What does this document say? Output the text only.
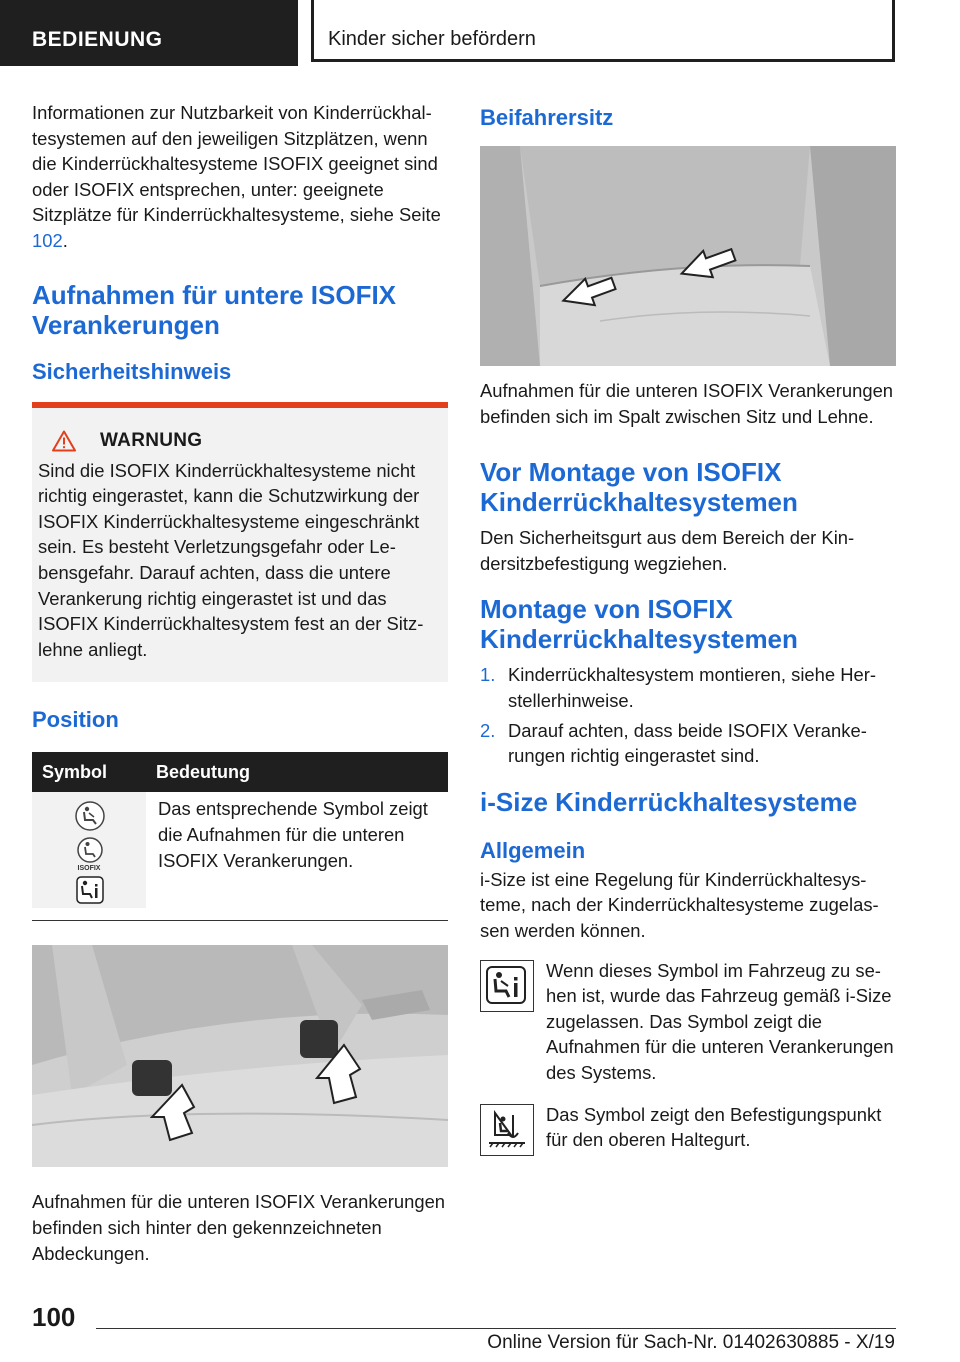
BEDIENUNG	Kinder sicher befördern

Informationen zur Nutzbarkeit von Kinderrückhaltesystemen auf den jeweiligen Sitzplätzen, wenn die Kinderrückhaltesysteme ISOFIX geeignet sind oder ISOFIX entsprechen, unter: geeignete Sitzplätze für Kinderrückhaltesysteme, siehe Seite 102.

Aufnahmen für untere ISOFIX Verankerungen
Sicherheitshinweis
WARNUNG

Sind die ISOFIX Kinderrückhaltesysteme nicht richtig eingerastet, kann die Schutzwirkung der ISOFIX Kinderrückhaltesysteme eingeschränkt sein. Es besteht Verletzungsgefahr oder Lebensgefahr. Darauf achten, dass die untere Verankerung richtig eingerastet ist und das ISOFIX Kinderrückhaltesystem fest an der Sitzlehne anliegt.

Position
Symbol	Bedeutung

ISOFIX	Das entsprechende Symbol zeigt die Aufnahmen für die unteren ISOFIX Verankerungen.

Aufnahmen für die unteren ISOFIX Verankerungen befinden sich hinter den gekennzeichneten Abdeckungen.

Beifahrersitz

Aufnahmen für die unteren ISOFIX Verankerungen befinden sich im Spalt zwischen Sitz und Lehne.

Vor Montage von ISOFIX Kinderrückhaltesystemen

Den Sicherheitsgurt aus dem Bereich der Kindersitzbefestigung wegziehen.

Montage von ISOFIX Kinderrückhaltesystemen
1. Kinderrückhaltesystem montieren, siehe Herstellerhinweise.
2. Darauf achten, dass beide ISOFIX Verankerungen richtig eingerastet sind.
i-Size Kinderrückhaltesysteme
Allgemein

i-Size ist eine Regelung für Kinderrückhaltesysteme, nach der Kinderrückhaltesysteme zugelassen werden können.

Wenn dieses Symbol im Fahrzeug zu sehen ist, wurde das Fahrzeug gemäß i-Size zugelassen. Das Symbol zeigt die Aufnahmen für die unteren Verankerungen des Systems.

Das Symbol zeigt den Befestigungspunkt für den oberen Haltegurt.

100
Online Version für Sach-Nr. 01402630885 - X/19
